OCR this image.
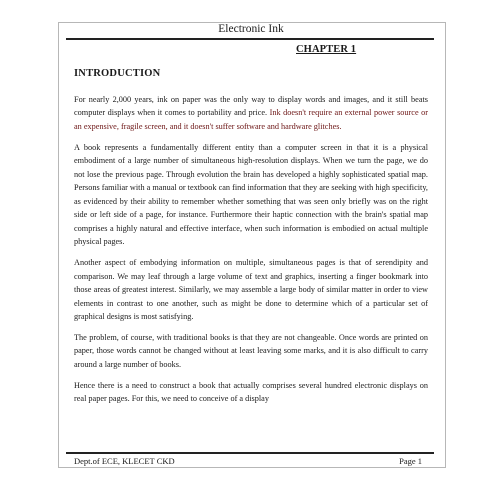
Electronic Ink
CHAPTER 1
INTRODUCTION

For nearly 2,000 years, ink on paper was the only way to display words and images, and it still beats computer displays when it comes to portability and price. Ink doesn't require an external power source or an expensive, fragile screen, and it doesn't suffer software and hardware glitches.

A book represents a fundamentally different entity than a computer screen in that it is a physical embodiment of a large number of simultaneous high-resolution displays. When we turn the page, we do not lose the previous page. Through evolution the brain has developed a highly sophisticated spatial map. Persons familiar with a manual or textbook can find information that they are seeking with high specificity, as evidenced by their ability to remember whether something that was seen only briefly was on the right side or left side of a page, for instance. Furthermore their haptic connection with the brain's spatial map comprises a highly natural and effective interface, when such information is embodied on actual multiple physical pages.

Another aspect of embodying information on multiple, simultaneous pages is that of serendipity and comparison. We may leaf through a large volume of text and graphics, inserting a finger bookmark into those areas of greatest interest. Similarly, we may assemble a large body of similar matter in order to view elements in contrast to one another, such as might be done to determine which of a particular set of graphical designs is most satisfying.

The problem, of course, with traditional books is that they are not changeable. Once words are printed on paper, those words cannot be changed without at least leaving some marks, and it is also difficult to carry around a large number of books.

Hence there is a need to construct a book that actually comprises several hundred electronic displays on real paper pages. For this, we need to conceive of a display

Dept.of ECE, KLECET CKD	Page 1
